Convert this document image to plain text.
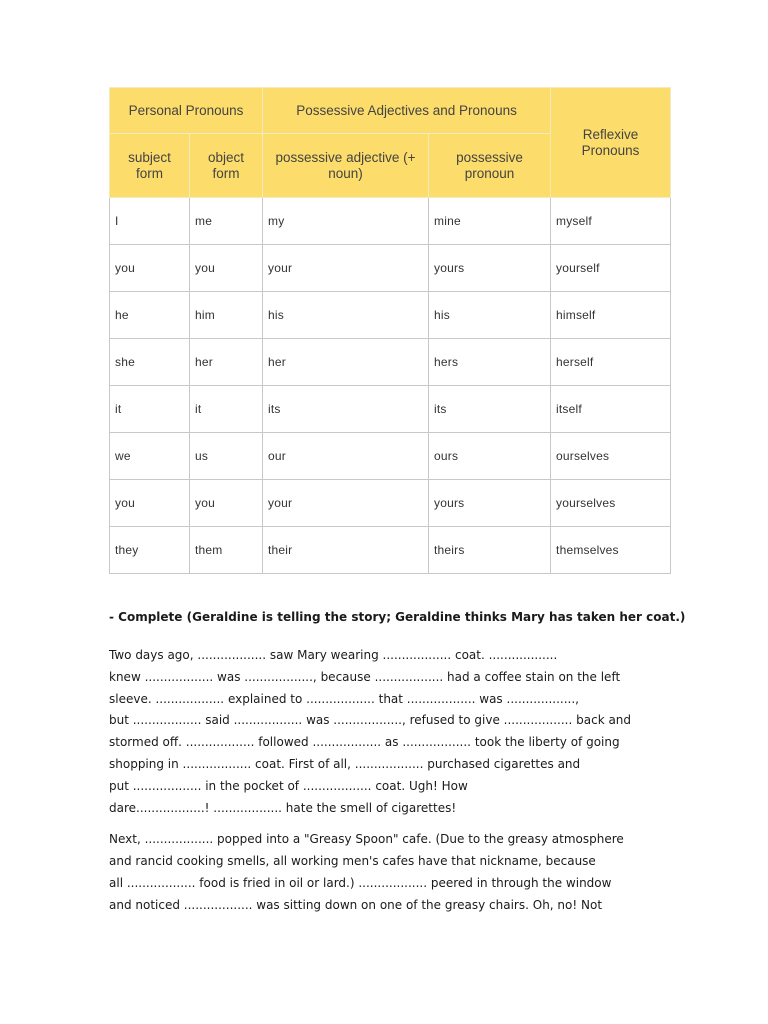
Personal Pronouns		Possessive Adjectives and Pronouns		Reflexive Pronouns
subject form	object form	possessive adjective (+ noun)	possessive pronoun	
I	me	my	mine	myself
you	you	your	yours	yourself
he	him	his	his	himself
she	her	her	hers	herself
it	it	its	its	itself
we	us	our	ours	ourselves
you	you	your	yours	yourselves
they	them	their	theirs	themselves
- Complete (Geraldine is telling the story; Geraldine thinks Mary has taken her coat.)
Two days ago, .................. saw Mary wearing .................. coat. ..................
knew .................. was .................., because .................. had a coffee stain on the left
sleeve. .................. explained to .................. that .................. was ..................,
but .................. said .................. was .................., refused to give .................. back and
stormed off. .................. followed .................. as .................. took the liberty of going
shopping in .................. coat. First of all, .................. purchased cigarettes and
put .................. in the pocket of .................. coat. Ugh! How
dare..................! .................. hate the smell of cigarettes!
Next, .................. popped into a "Greasy Spoon" cafe. (Due to the greasy atmosphere
and rancid cooking smells, all working men's cafes have that nickname, because
all .................. food is fried in oil or lard.) .................. peered in through the window
and noticed .................. was sitting down on one of the greasy chairs. Oh, no! Not
